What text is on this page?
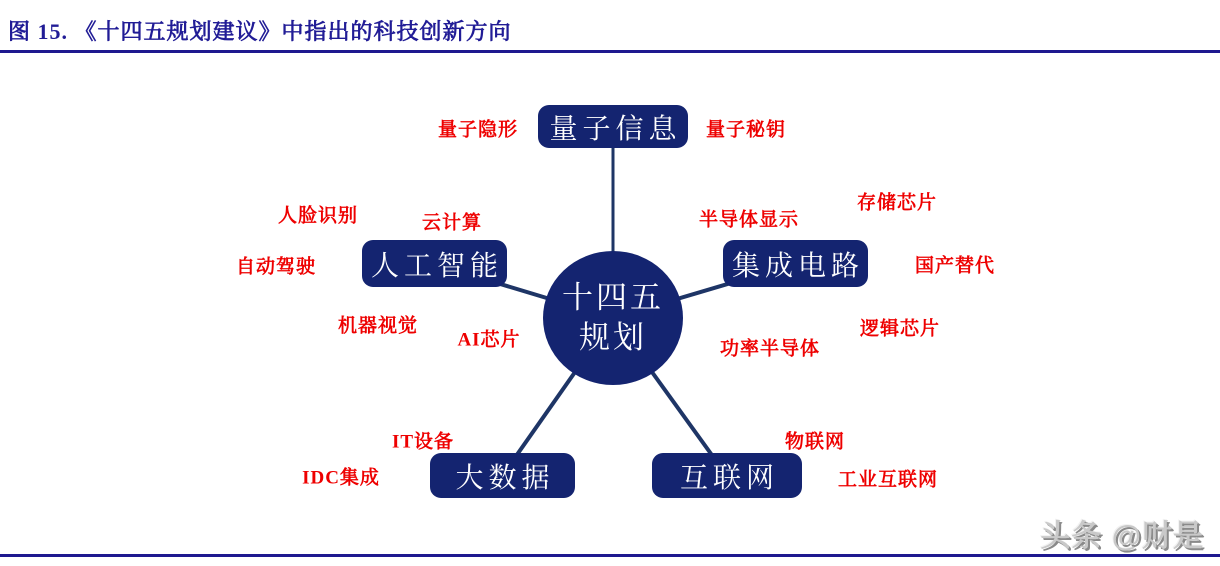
图 15. 《十四五规划建议》中指出的科技创新方向
十四五
规划
量子信息
人工智能	集成电路
大数据	互联网
量子隐形	量子秘钥
人脸识别	云计算
自动驾驶
机器视觉
AI芯片
半导体显示
存储芯片
国产替代
逻辑芯片
功率半导体
IT设备
IDC集成
物联网
工业互联网
头条 @财是
